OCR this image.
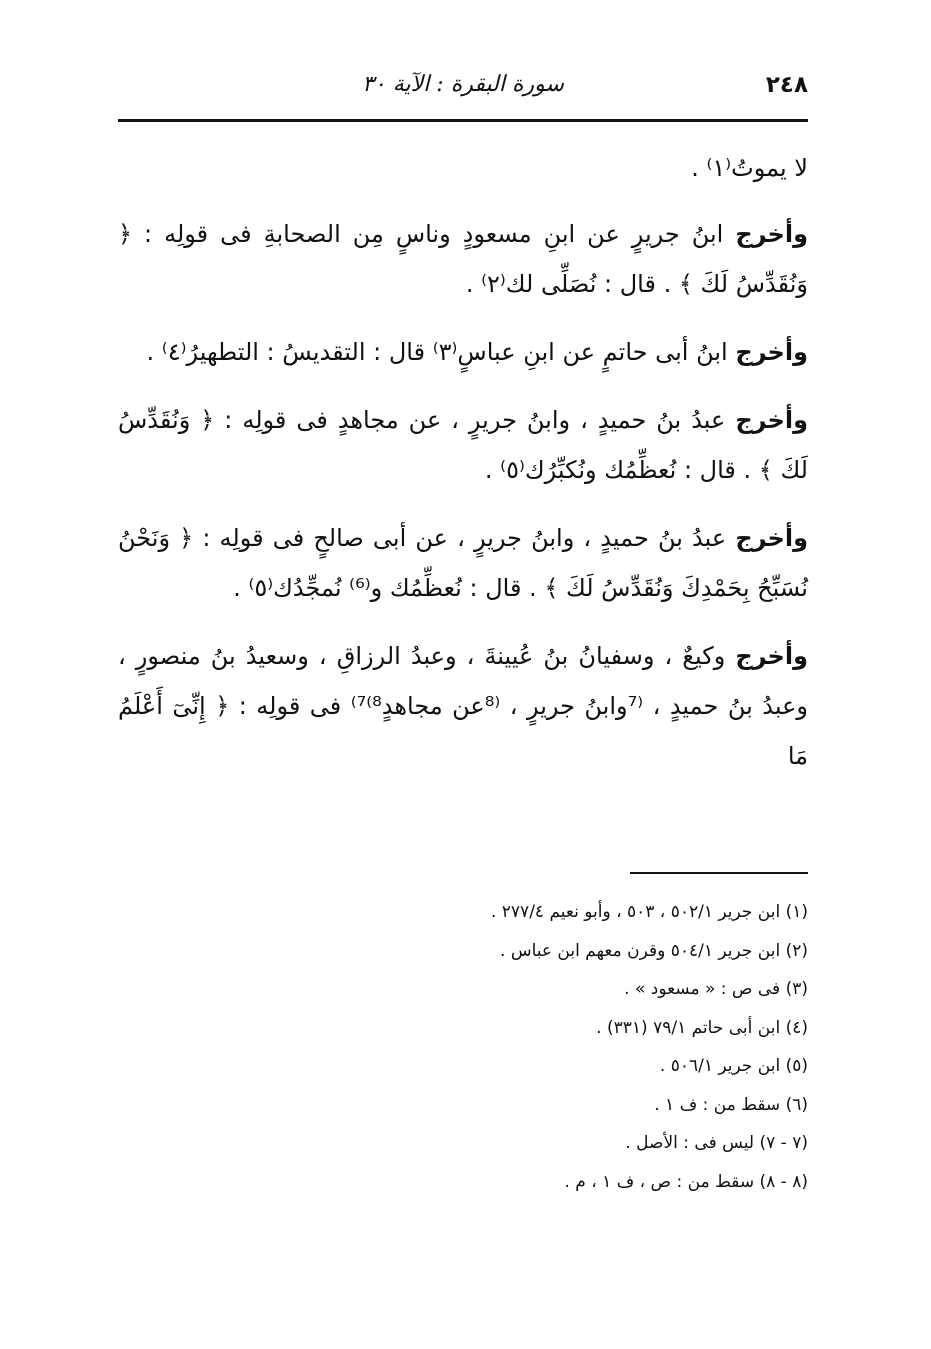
٢٤٨
سورة البقرة : الآية ٣٠

لا يموتُ⁽١⁾ .

وأخرج ابنُ جريرٍ عن ابنِ مسعودٍ وناسٍ مِن الصحابةِ فى قولِه : ﴿ وَنُقَدِّسُ لَكَ ﴾ . قال : نُصَلِّى لك⁽٢⁾ .

وأخرج ابنُ أبى حاتمٍ عن ابنِ عباسٍ⁽٣⁾ قال : التقديسُ : التطهيرُ⁽٤⁾ .

وأخرج عبدُ بنُ حميدٍ ، وابنُ جريرٍ ، عن مجاهدٍ فى قولِه : ﴿ وَنُقَدِّسُ لَكَ ﴾ . قال : نُعظِّمُك ونُكبِّرُك⁽٥⁾ .

وأخرج عبدُ بنُ حميدٍ ، وابنُ جريرٍ ، عن أبى صالحٍ فى قولِه : ﴿ وَنَحْنُ نُسَبِّحُ بِحَمْدِكَ وَنُقَدِّسُ لَكَ ﴾ . قال : نُعظِّمُك و⁽⁶⁾ نُمجِّدُك⁽٥⁾ .

وأخرج وكيعٌ ، وسفيانُ بنُ عُيينةَ ، وعبدُ الرزاقِ ، وسعيدُ بنُ منصورٍ ، وعبدُ بنُ حميدٍ ، ⁽⁷وابنُ جريرٍ ، ⁽⁸عن مجاهدٍ⁸⁾⁷⁾ فى قولِه : ﴿ إِنِّىٓ أَعْلَمُ مَا

(١) ابن جرير ٥٠٢/١ ، ٥٠٣ ، وأبو نعيم ٢٧٧/٤ .

(٢) ابن جرير ٥٠٤/١ وقرن معهم ابن عباس .

(٣) فى ص : « مسعود » .

(٤) ابن أبى حاتم ٧٩/١ (٣٣١) .

(٥) ابن جرير ٥٠٦/١ .

(٦) سقط من : ف ١ .

(٧ - ٧) ليس فى : الأصل .

(٨ - ٨) سقط من : ص ، ف ١ ، م .
